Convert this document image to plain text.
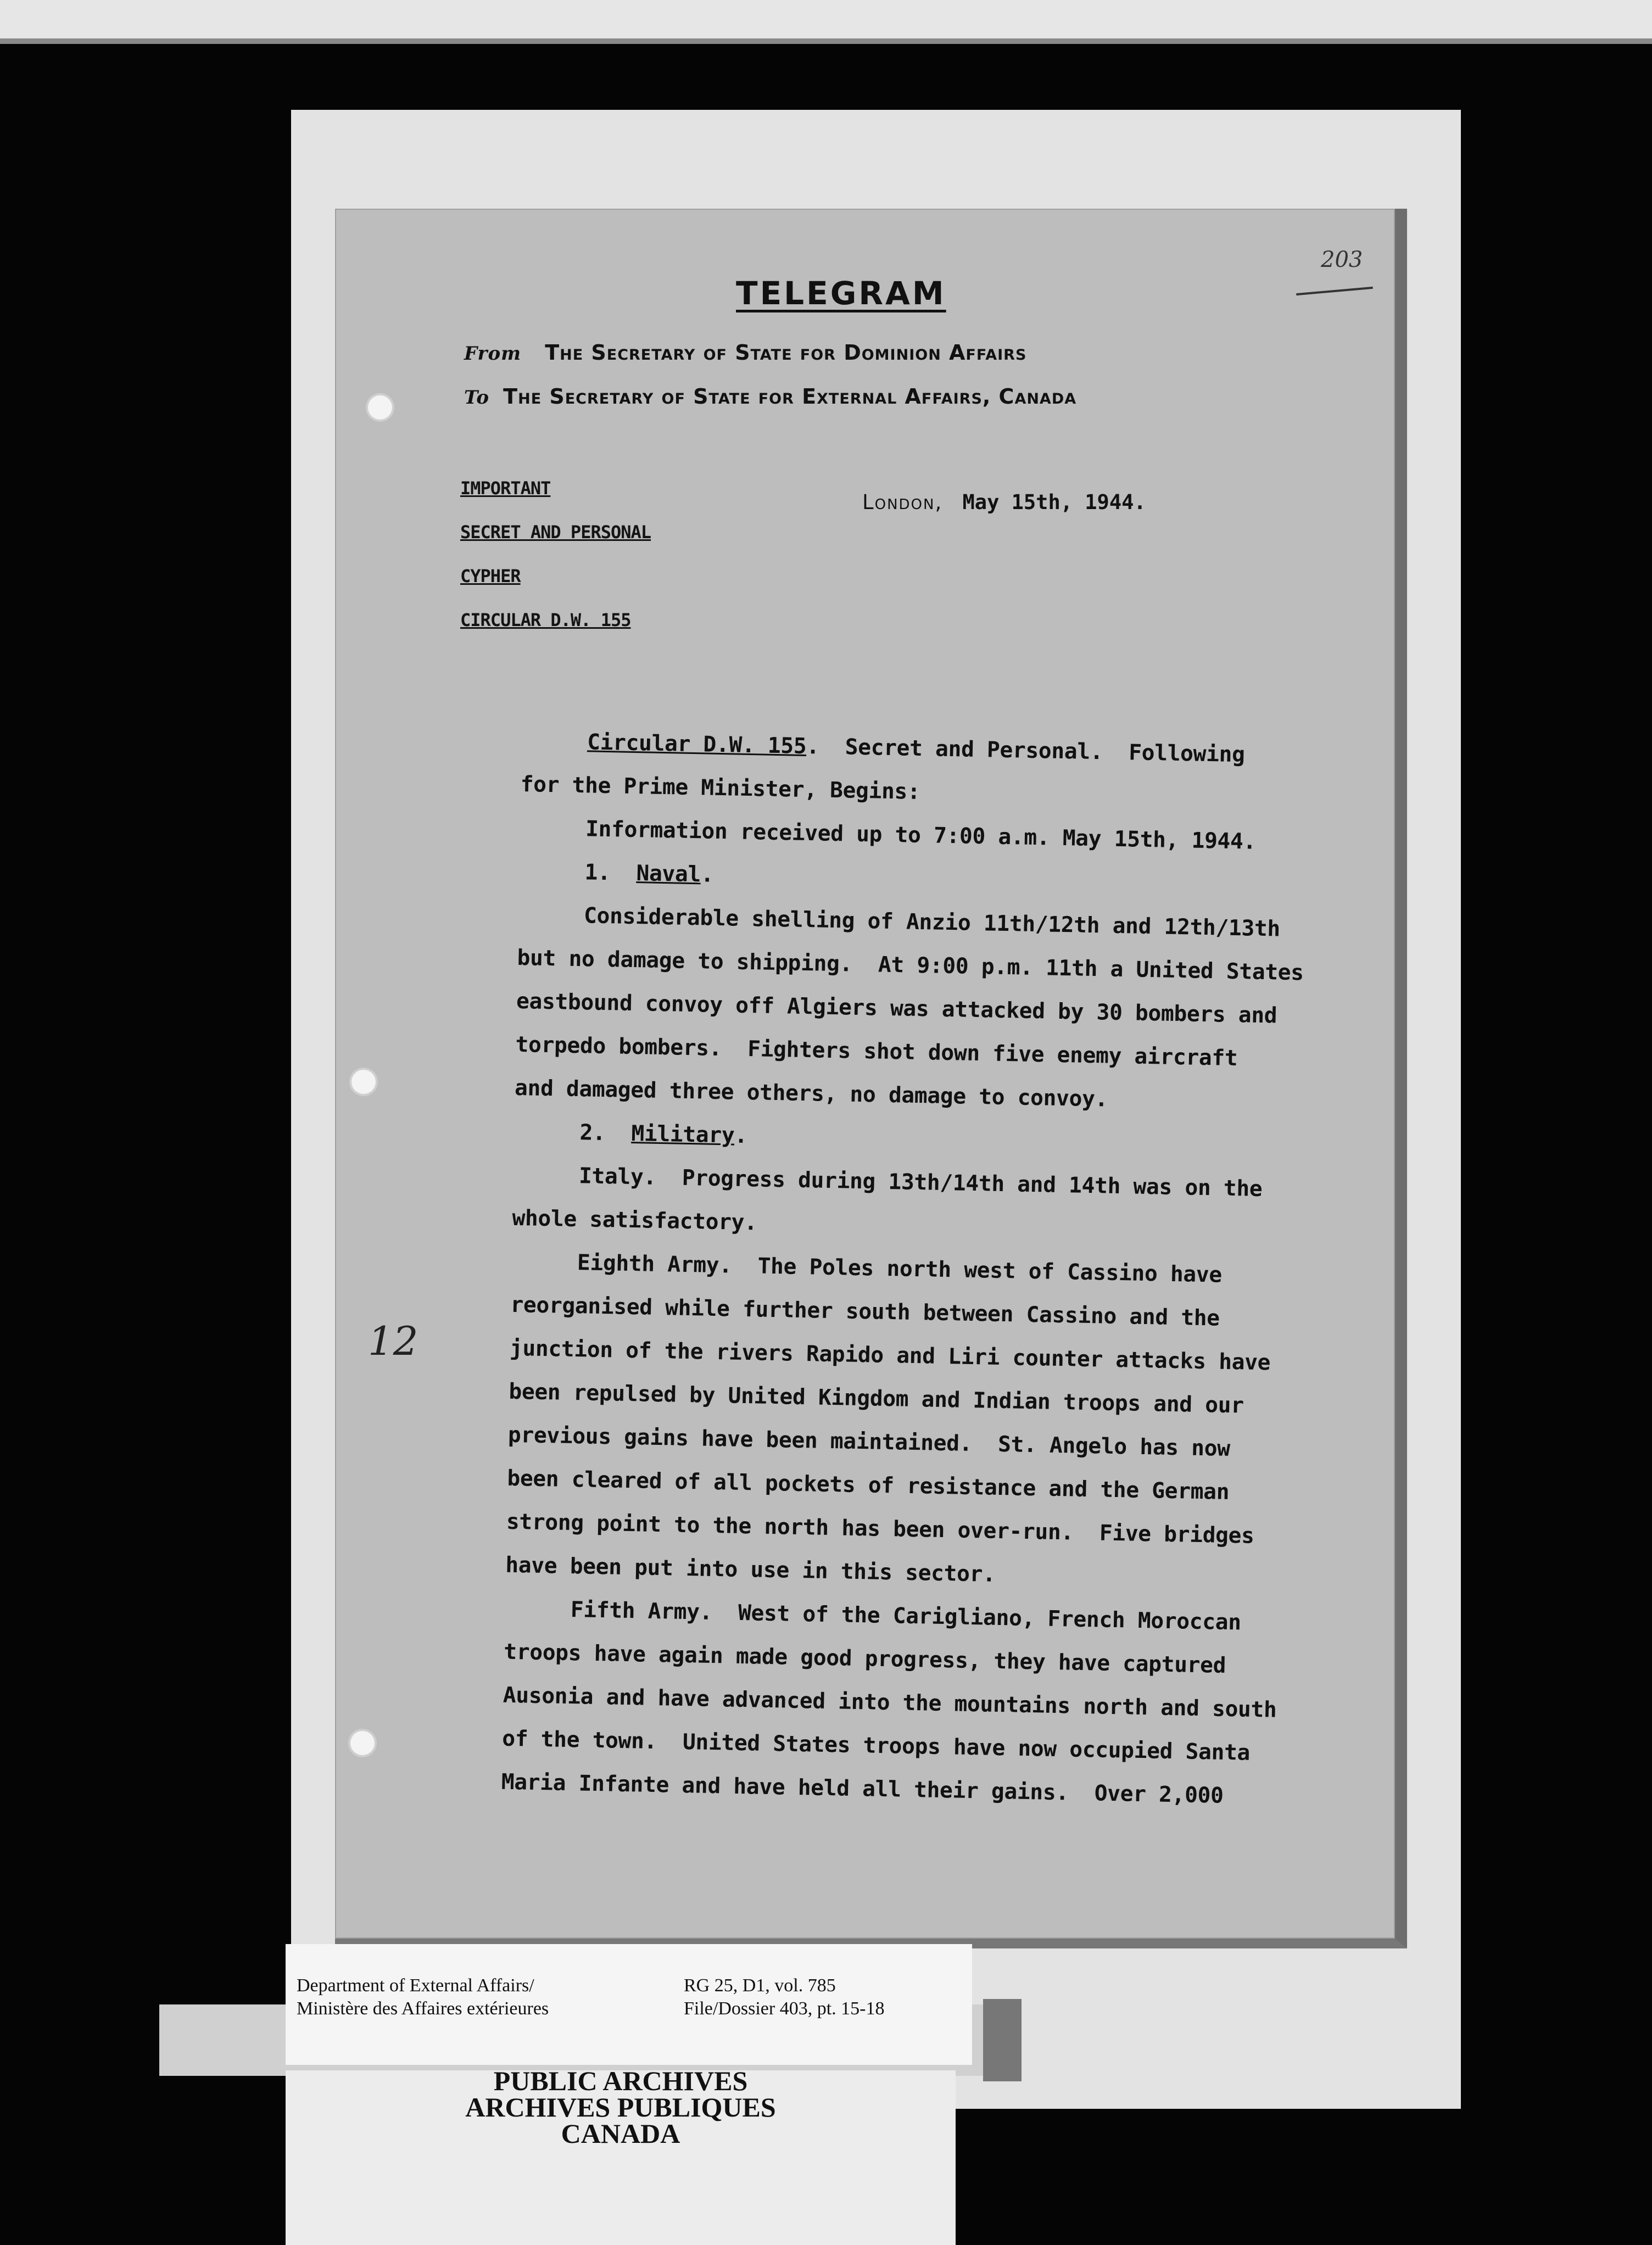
203
TELEGRAM
From The Secretary of State for Dominion Affairs
To The Secretary of State for External Affairs, Canada
IMPORTANT
SECRET AND PERSONAL
CYPHER
CIRCULAR D.W. 155
London, May 15th, 1944.
12
Circular D.W. 155.  Secret and Personal.  Following
for the Prime Minister, Begins:
Information received up to 7:00 a.m. May 15th, 1944.
1.  Naval.
Considerable shelling of Anzio 11th/12th and 12th/13th
but no damage to shipping.  At 9:00 p.m. 11th a United States
eastbound convoy off Algiers was attacked by 30 bombers and
torpedo bombers.  Fighters shot down five enemy aircraft
and damaged three others, no damage to convoy.
2.  Military.
Italy.  Progress during 13th/14th and 14th was on the
whole satisfactory.
Eighth Army.  The Poles north west of Cassino have
reorganised while further south between Cassino and the
junction of the rivers Rapido and Liri counter attacks have
been repulsed by United Kingdom and Indian troops and our
previous gains have been maintained.  St. Angelo has now
been cleared of all pockets of resistance and the German
strong point to the north has been over-run.  Five bridges
have been put into use in this sector.
Fifth Army.  West of the Carigliano, French Moroccan
troops have again made good progress, they have captured
Ausonia and have advanced into the mountains north and south
of the town.  United States troops have now occupied Santa
Maria Infante and have held all their gains.  Over 2,000
Department of External Affairs/
Ministère des Affaires extérieures
RG 25, D1, vol. 785
File/Dossier 403, pt. 15-18
PUBLIC ARCHIVES
ARCHIVES PUBLIQUES
CANADA
